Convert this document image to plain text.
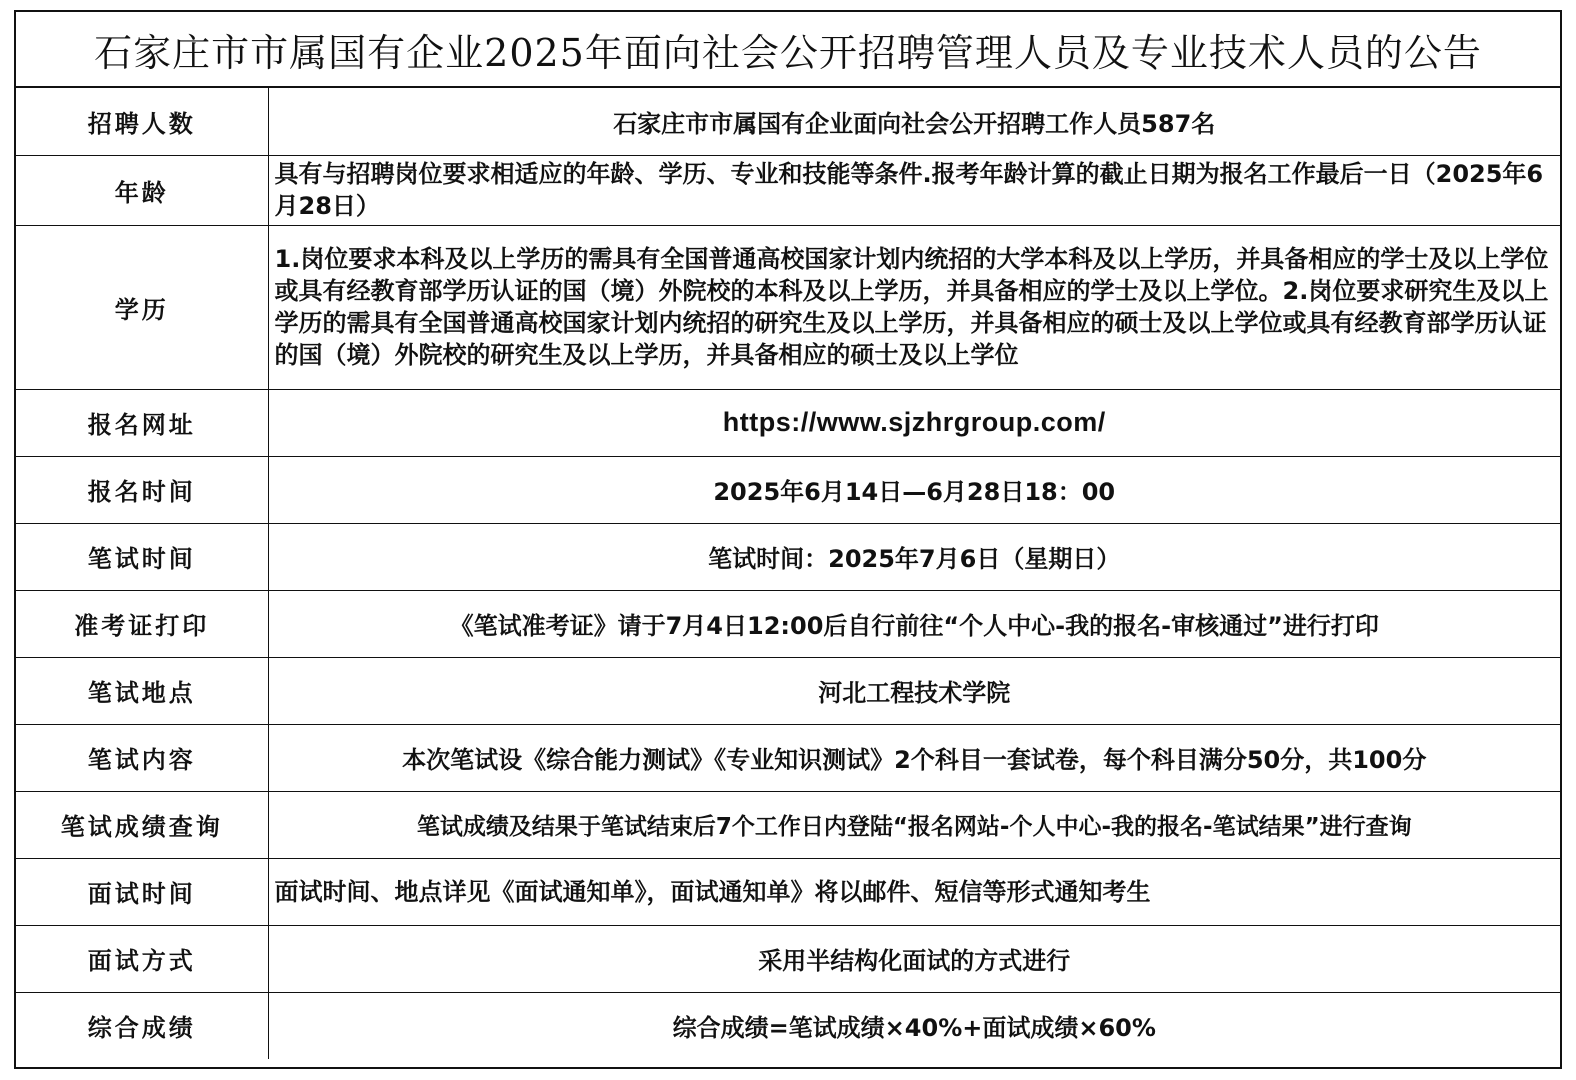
石家庄市市属国有企业2025年面向社会公开招聘管理人员及专业技术人员的公告
招聘人数	石家庄市市属国有企业面向社会公开招聘工作人员587名
年龄	具有与招聘岗位要求相适应的年龄、学历、专业和技能等条件.报考年龄计算的截止日期为报名工作最后一日（2025年6月28日）
学历	1.岗位要求本科及以上学历的需具有全国普通高校国家计划内统招的大学本科及以上学历，并具备相应的学士及以上学位或具有经教育部学历认证的国（境）外院校的本科及以上学历，并具备相应的学士及以上学位。2.岗位要求研究生及以上学历的需具有全国普通高校国家计划内统招的研究生及以上学历，并具备相应的硕士及以上学位或具有经教育部学历认证的国（境）外院校的研究生及以上学历，并具备相应的硕士及以上学位
报名网址	https://www.sjzhrgroup.com/
报名时间	2025年6月14日—6月28日18：00
笔试时间	笔试时间：2025年7月6日（星期日）
准考证打印	《笔试准考证》请于7月4日12:00后自行前往“个人中心-我的报名-审核通过”进行打印
笔试地点	河北工程技术学院
笔试内容	本次笔试设《综合能力测试》《专业知识测试》2个科目一套试卷，每个科目满分50分，共100分
笔试成绩查询	笔试成绩及结果于笔试结束后7个工作日内登陆“报名网站-个人中心-我的报名-笔试结果”进行查询
面试时间	面试时间、地点详见《面试通知单》，面试通知单》将以邮件、短信等形式通知考生
面试方式	采用半结构化面试的方式进行
综合成绩	综合成绩=笔试成绩×40%+面试成绩×60%
